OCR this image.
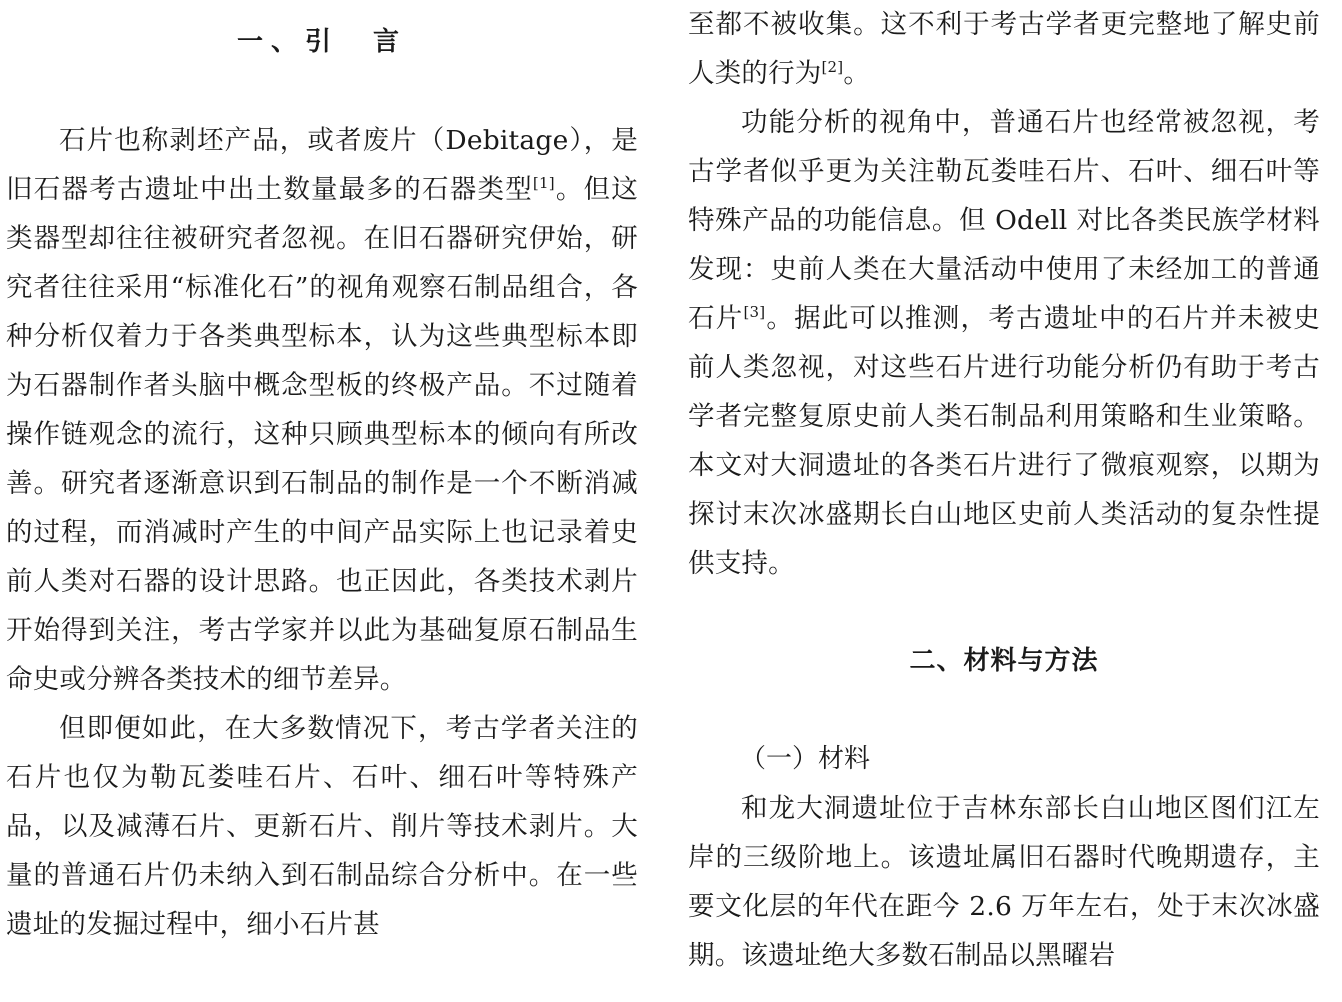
一、引　言

石片也称剥坯产品，或者废片（Debitage），是旧石器考古遗址中出土数量最多的石器类型[1]。但这类器型却往往被研究者忽视。在旧石器研究伊始，研究者往往采用“标准化石”的视角观察石制品组合，各种分析仅着力于各类典型标本，认为这些典型标本即为石器制作者头脑中概念型板的终极产品。不过随着操作链观念的流行，这种只顾典型标本的倾向有所改善。研究者逐渐意识到石制品的制作是一个不断消减的过程，而消减时产生的中间产品实际上也记录着史前人类对石器的设计思路。也正因此，各类技术剥片开始得到关注，考古学家并以此为基础复原石制品生命史或分辨各类技术的细节差异。

但即便如此，在大多数情况下，考古学者关注的石片也仅为勒瓦娄哇石片、石叶、细石叶等特殊产品，以及减薄石片、更新石片、削片等技术剥片。大量的普通石片仍未纳入到石制品综合分析中。在一些遗址的发掘过程中，细小石片甚

至都不被收集。这不利于考古学者更完整地了解史前人类的行为[2]。

功能分析的视角中，普通石片也经常被忽视，考古学者似乎更为关注勒瓦娄哇石片、石叶、细石叶等特殊产品的功能信息。但 Odell 对比各类民族学材料发现：史前人类在大量活动中使用了未经加工的普通石片[3]。据此可以推测，考古遗址中的石片并未被史前人类忽视，对这些石片进行功能分析仍有助于考古学者完整复原史前人类石制品利用策略和生业策略。本文对大洞遗址的各类石片进行了微痕观察，以期为探讨末次冰盛期长白山地区史前人类活动的复杂性提供支持。

二、材料与方法

（一）材料

和龙大洞遗址位于吉林东部长白山地区图们江左岸的三级阶地上。该遗址属旧石器时代晚期遗存，主要文化层的年代在距今 2.6 万年左右，处于末次冰盛期。该遗址绝大多数石制品以黑曜岩
